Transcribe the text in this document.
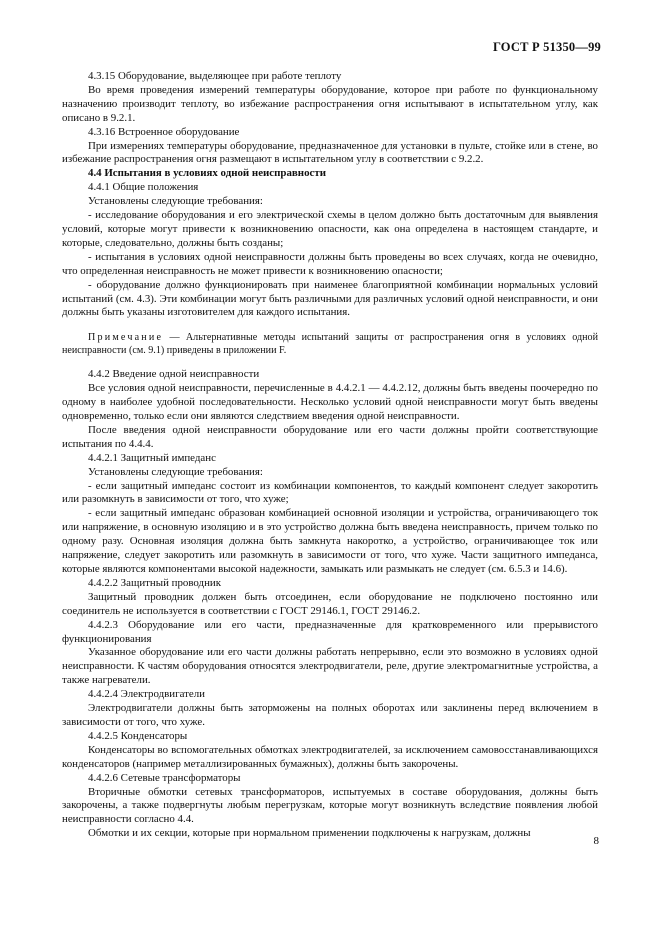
ГОСТ Р 51350—99

4.3.15 Оборудование, выделяющее при работе теплоту

Во время проведения измерений температуры оборудование, которое при работе по функциональному назначению производит теплоту, во избежание распространения огня испытывают в испытательном углу, как описано в 9.2.1.

4.3.16 Встроенное оборудование

При измерениях температуры оборудование, предназначенное для установки в пульте, стойке или в стене, во избежание распространения огня размещают в испытательном углу в соответствии с 9.2.2.

4.4 Испытания в условиях одной неисправности

4.4.1 Общие положения

Установлены следующие требования:

- исследование оборудования и его электрической схемы в целом должно быть достаточным для выявления условий, которые могут привести к возникновению опасности, как она определена в настоящем стандарте, и которые, следовательно, должны быть созданы;

- испытания в условиях одной неисправности должны быть проведены во всех случаях, когда не очевидно, что определенная неисправность не может привести к возникновению опасности;

- оборудование должно функционировать при наименее благоприятной комбинации нормальных условий испытаний (см. 4.3). Эти комбинации могут быть различными для различных условий одной неисправности, и они должны быть указаны изготовителем для каждого испытания.

Примечание — Альтернативные методы испытаний защиты от распространения огня в условиях одной неисправности (см. 9.1) приведены в приложении F.

4.4.2 Введение одной неисправности

Все условия одной неисправности, перечисленные в 4.4.2.1 — 4.4.2.12, должны быть введены поочередно по одному в наиболее удобной последовательности. Несколько условий одной неисправности могут быть введены одновременно, только если они являются следствием введения одной неисправности.

После введения одной неисправности оборудование или его части должны пройти соответствующие испытания по 4.4.4.

4.4.2.1 Защитный импеданс

Установлены следующие требования:

- если защитный импеданс состоит из комбинации компонентов, то каждый компонент следует закоротить или разомкнуть в зависимости от того, что хуже;

- если защитный импеданс образован комбинацией основной изоляции и устройства, ограничивающего ток или напряжение, в основную изоляцию и в это устройство должна быть введена неисправность, причем только по одному разу. Основная изоляция должна быть замкнута накоротко, а устройство, ограничивающее ток или напряжение, следует закоротить или разомкнуть в зависимости от того, что хуже. Части защитного импеданса, которые являются компонентами высокой надежности, замыкать или размыкать не следует (см. 6.5.3 и 14.6).

4.4.2.2 Защитный проводник

Защитный проводник должен быть отсоединен, если оборудование не подключено постоянно или соединитель не используется в соответствии с ГОСТ 29146.1, ГОСТ 29146.2.

4.4.2.3 Оборудование или его части, предназначенные для кратковременного или прерывистого функционирования

Указанное оборудование или его части должны работать непрерывно, если это возможно в условиях одной неисправности. К частям оборудования относятся электродвигатели, реле, другие электромагнитные устройства, а также нагреватели.

4.4.2.4 Электродвигатели

Электродвигатели должны быть заторможены на полных оборотах или заклинены перед включением в зависимости от того, что хуже.

4.4.2.5 Конденсаторы

Конденсаторы во вспомогательных обмотках электродвигателей, за исключением самовосстанавливающихся конденсаторов (например металлизированных бумажных), должны быть закорочены.

4.4.2.6 Сетевые трансформаторы

Вторичные обмотки сетевых трансформаторов, испытуемых в составе оборудования, должны быть закорочены, а также подвергнуты любым перегрузкам, которые могут возникнуть вследствие появления любой неисправности согласно 4.4.

Обмотки и их секции, которые при нормальном применении подключены к нагрузкам, должны

8
